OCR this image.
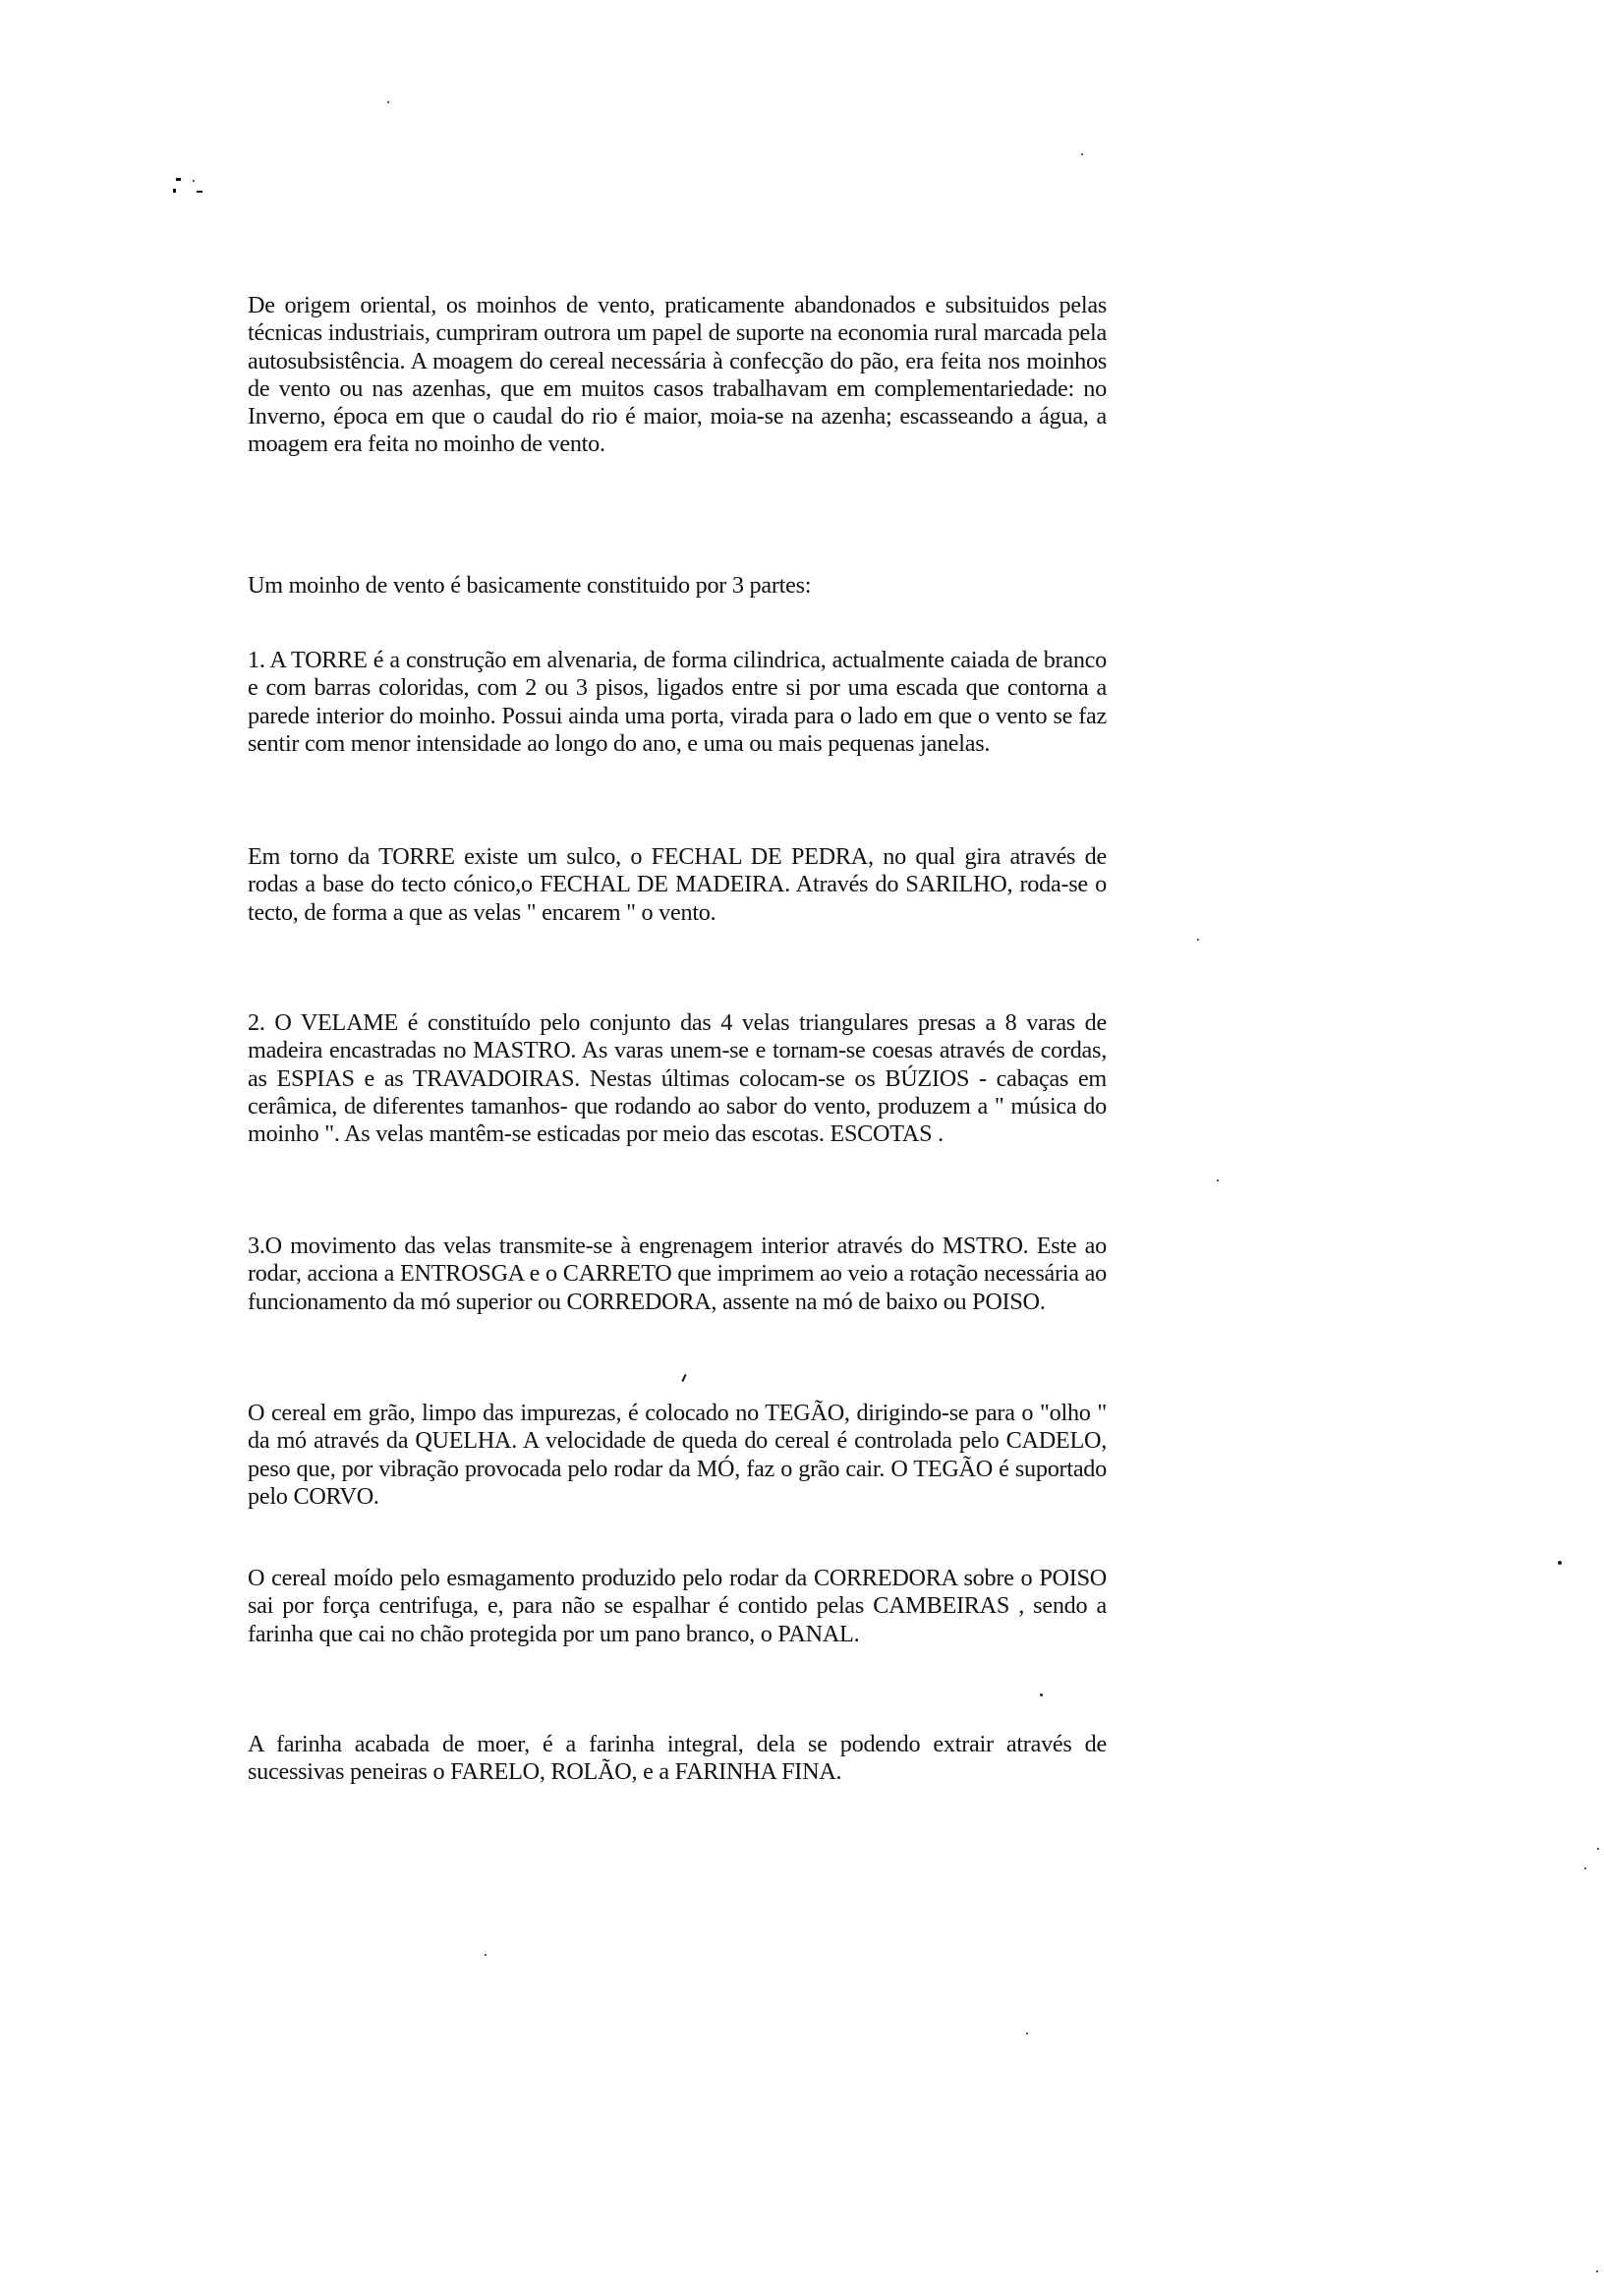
De origem oriental, os moinhos de vento, praticamente abandonados e subsituidos pelas técnicas industriais, cumpriram outrora um papel de suporte na economia rural marcada pela autosubsistência. A moagem do cereal necessária à confecção do pão, era feita nos moinhos de vento ou nas azenhas, que em muitos casos trabalhavam em complementariedade: no Inverno, época em que o caudal do rio é maior, moia-se na azenha; escasseando a água, a moagem era feita no moinho de vento.

Um moinho de vento é basicamente constituido por 3 partes:

1. A TORRE é a construção em alvenaria, de forma cilindrica, actualmente caiada de branco e com barras coloridas, com 2 ou 3 pisos, ligados entre si por uma escada que contorna a parede interior do moinho. Possui ainda uma porta, virada para o lado em que o vento se faz sentir com menor intensidade ao longo do ano, e uma ou mais pequenas janelas.

Em torno da TORRE existe um sulco, o FECHAL DE PEDRA, no qual gira através de rodas a base do tecto cónico,o FECHAL DE MADEIRA. Através do SARILHO, roda-se o tecto, de forma a que as velas " encarem " o vento.

2. O VELAME é constituído pelo conjunto das 4 velas triangulares presas a 8 varas de madeira encastradas no MASTRO. As varas unem-se e tornam-se coesas através de cordas, as ESPIAS e as TRAVADOIRAS. Nestas últimas colocam-se os BÚZIOS - cabaças em cerâmica, de diferentes tamanhos- que rodando ao sabor do vento, produzem a " música do moinho ". As velas mantêm-se esticadas por meio das escotas. ESCOTAS .

3.O movimento das velas transmite-se à engrenagem interior através do MSTRO. Este ao rodar, acciona a ENTROSGA e o CARRETO que imprimem ao veio a rotação necessária ao funcionamento da mó superior ou CORREDORA, assente na mó de baixo ou POISO.

O cereal em grão, limpo das impurezas, é colocado no TEGÃO, dirigindo-se para o "olho " da mó através da QUELHA. A velocidade de queda do cereal é controlada pelo CADELO, peso que, por vibração provocada pelo rodar da MÓ, faz o grão cair. O TEGÃO é suportado pelo CORVO.

O cereal moído pelo esmagamento produzido pelo rodar da CORREDORA sobre o POISO sai por força centrifuga, e, para não se espalhar é contido pelas CAMBEIRAS , sendo a farinha que cai no chão protegida por um pano branco, o PANAL.

A farinha acabada de moer, é a farinha integral, dela se podendo extrair através de sucessivas peneiras o FARELO, ROLÃO, e a FARINHA FINA.
